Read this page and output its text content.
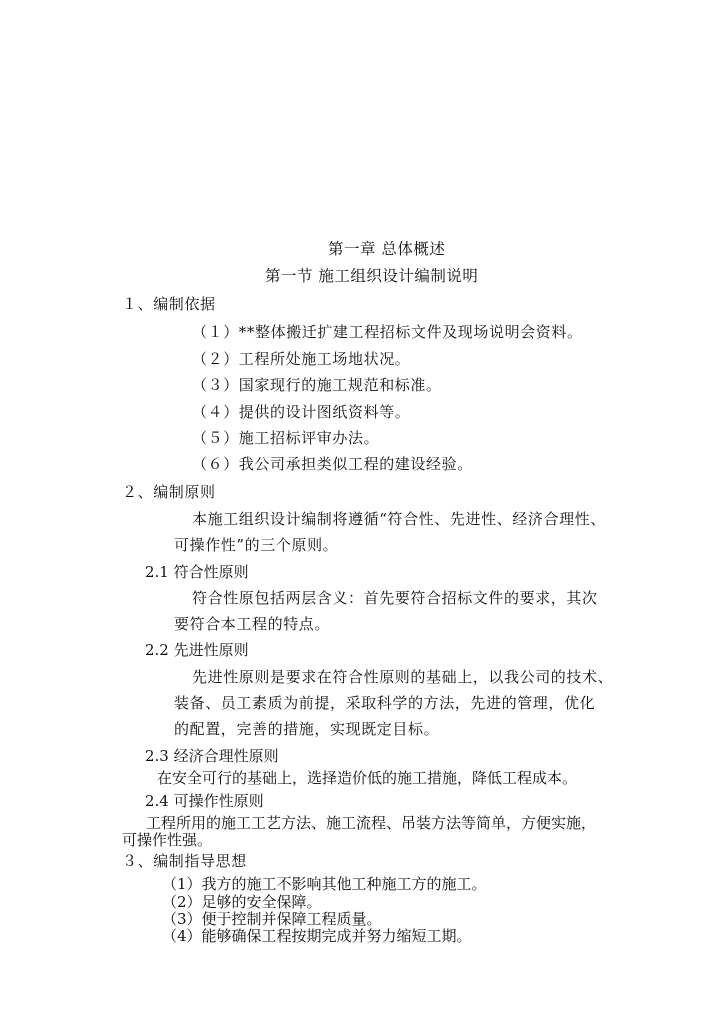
第一章 总体概述
第一节 施工组织设计编制说明
１、编制依据
（１）**整体搬迁扩建工程招标文件及现场说明会资料。
（２）工程所处施工场地状况。
（３）国家现行的施工规范和标准。
（４）提供的设计图纸资料等。
（５）施工招标评审办法。
（６）我公司承担类似工程的建设经验。
２、编制原则
本施工组织设计编制将遵循“符合性、先进性、经济合理性、
可操作性”的三个原则。
2.1 符合性原则
符合性原包括两层含义：首先要符合招标文件的要求，其次
要符合本工程的特点。
2.2 先进性原则
先进性原则是要求在符合性原则的基础上，以我公司的技术、
装备、员工素质为前提，采取科学的方法，先进的管理，优化
的配置，完善的措施，实现既定目标。
2.3 经济合理性原则
在安全可行的基础上，选择造价低的施工措施，降低工程成本。
2.4 可操作性原则
工程所用的施工工艺方法、施工流程、吊装方法等简单，方便实施，
可操作性强。
３、编制指导思想
（1）我方的施工不影响其他工种施工方的施工。
（2）足够的安全保障。
（3）便于控制并保障工程质量。
（4）能够确保工程按期完成并努力缩短工期。
